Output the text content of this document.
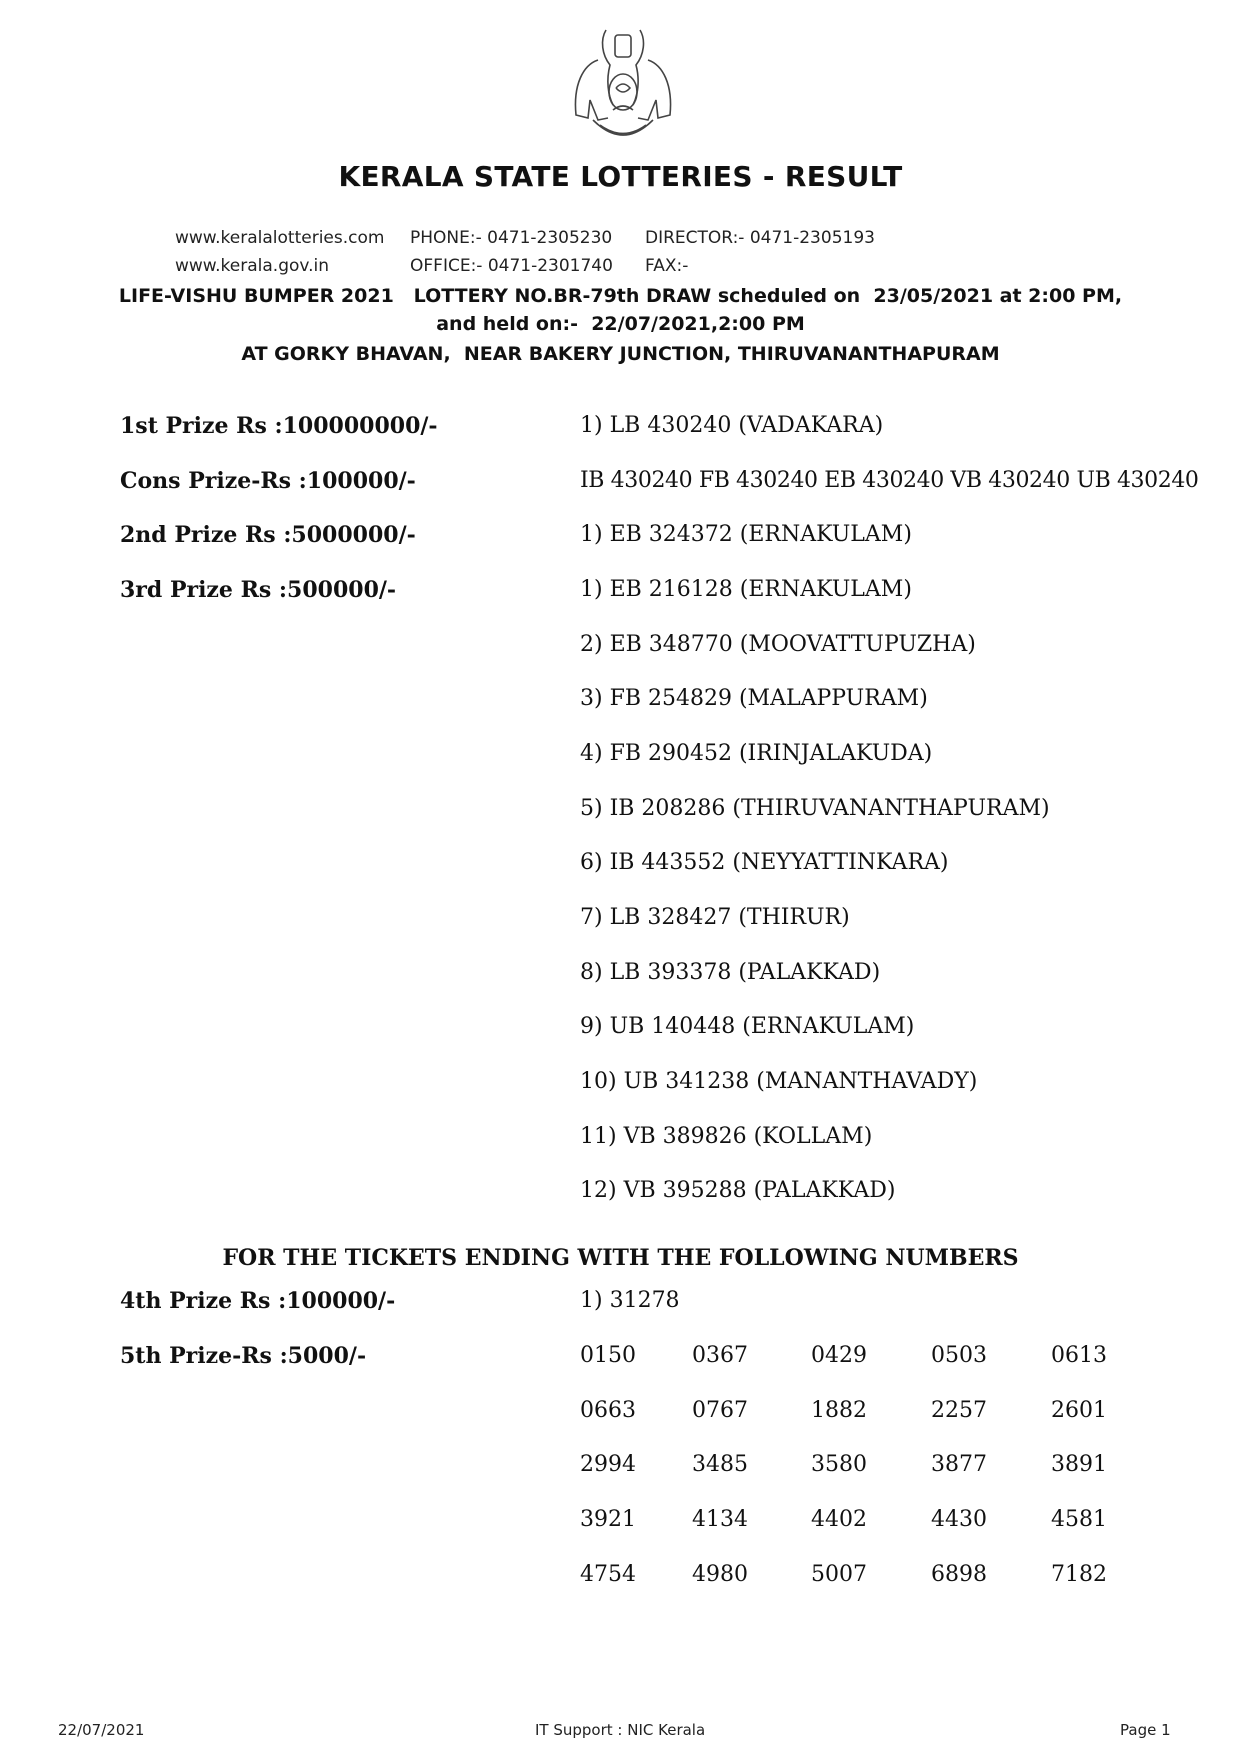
KERALA STATE LOTTERIES - RESULT
www.keralalotteries.com PHONE:- 0471-2305230 DIRECTOR:- 0471-2305193
www.kerala.gov.in	OFFICE:- 0471-2301740 FAX:-
LIFE-VISHU BUMPER 2021   LOTTERY NO.BR-79th DRAW scheduled on  23/05/2021 at 2:00 PM,
and held on:-  22/07/2021,2:00 PM
AT GORKY BHAVAN,  NEAR BAKERY JUNCTION, THIRUVANANTHAPURAM
1st Prize Rs :100000000/-	1) LB 430240 (VADAKARA)
Cons Prize-Rs :100000/-	IB 430240 FB 430240 EB 430240 VB 430240 UB 430240
2nd Prize Rs :5000000/-	1) EB 324372 (ERNAKULAM)
3rd Prize Rs :500000/-	1) EB 216128 (ERNAKULAM)
2) EB 348770 (MOOVATTUPUZHA)
3) FB 254829 (MALAPPURAM)
4) FB 290452 (IRINJALAKUDA)
5) IB 208286 (THIRUVANANTHAPURAM)
6) IB 443552 (NEYYATTINKARA)
7) LB 328427 (THIRUR)
8) LB 393378 (PALAKKAD)
9) UB 140448 (ERNAKULAM)
10) UB 341238 (MANANTHAVADY)
11) VB 389826 (KOLLAM)
12) VB 395288 (PALAKKAD)
FOR THE TICKETS ENDING WITH THE FOLLOWING NUMBERS
4th Prize Rs :100000/-	1) 31278
5th Prize-Rs :5000/-	0150	0367	0429	0503	0613
0663	0767	1882	2257	2601
2994	3485	3580	3877	3891
3921	4134	4402	4430	4581
4754	4980	5007	6898	7182
22/07/2021	IT Support : NIC Kerala	Page 1
